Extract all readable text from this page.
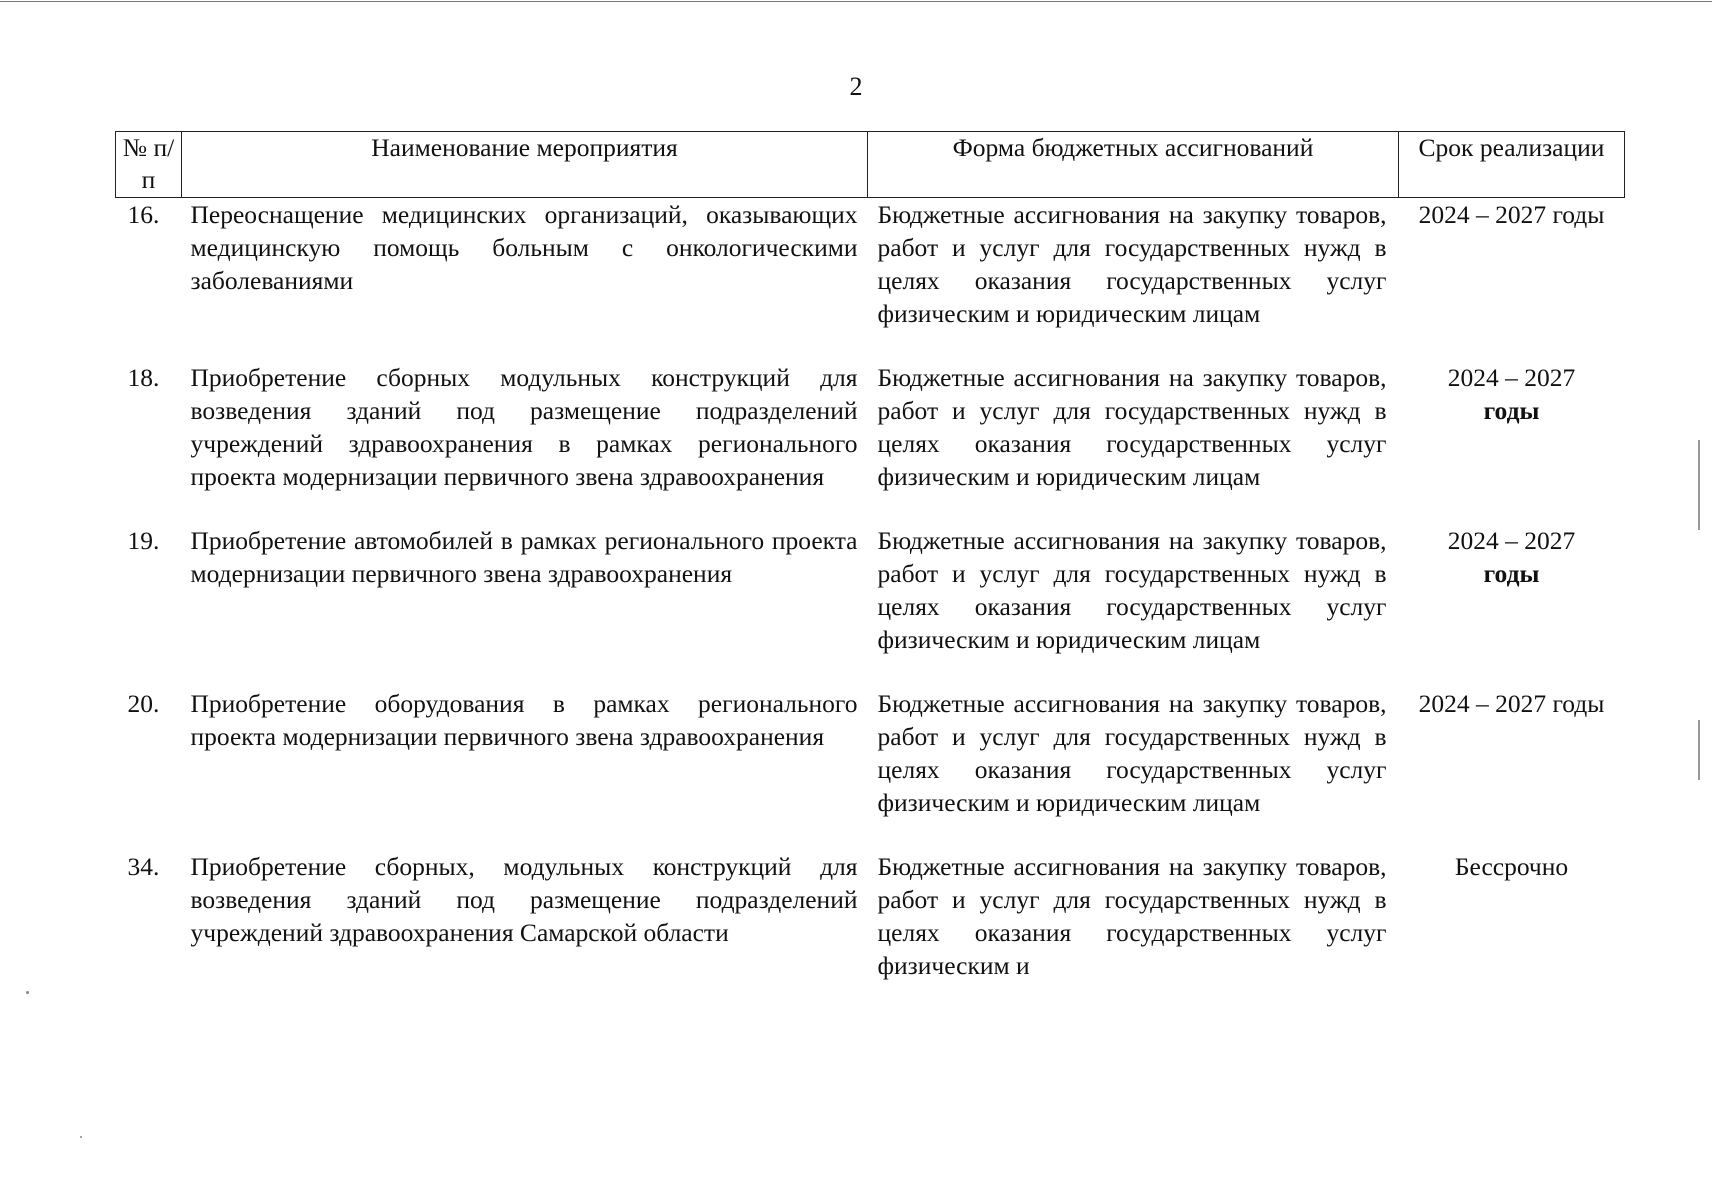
2
№ п/п	Наименование мероприятия	Форма бюджетных ассигнований	Срок реализации
16.	Переоснащение медицинских организаций, оказывающих медицинскую помощь больным с онкологическими заболеваниями	Бюджетные ассигнования на закупку товаров, работ и услуг для государственных нужд в целях оказания государственных услуг физическим и юридическим лицам	2024 – 2027 годы
18.	Приобретение сборных модульных конструкций для возведения зданий под размещение подразделений учреждений здравоохранения в рамках регионального проекта модернизации первичного звена здравоохранения	Бюджетные ассигнования на закупку товаров, работ и услуг для государственных нужд в целях оказания государственных услуг физическим и юридическим лицам	2024 – 2027
годы
19.	Приобретение автомобилей в рамках регионального проекта модернизации первичного звена здравоохранения	Бюджетные ассигнования на закупку товаров, работ и услуг для государственных нужд в целях оказания государственных услуг физическим и юридическим лицам	2024 – 2027
годы
20.	Приобретение оборудования в рамках регионального проекта модернизации первичного звена здравоохранения	Бюджетные ассигнования на закупку товаров, работ и услуг для государственных нужд в целях оказания государственных услуг физическим и юридическим лицам	2024 – 2027 годы
34.	Приобретение сборных, модульных конструкций для возведения зданий под размещение подразделений учреждений здравоохранения Самарской области	Бюджетные ассигнования на закупку товаров, работ и услуг для государственных нужд в целях оказания государственных услуг физическим и	Бессрочно
